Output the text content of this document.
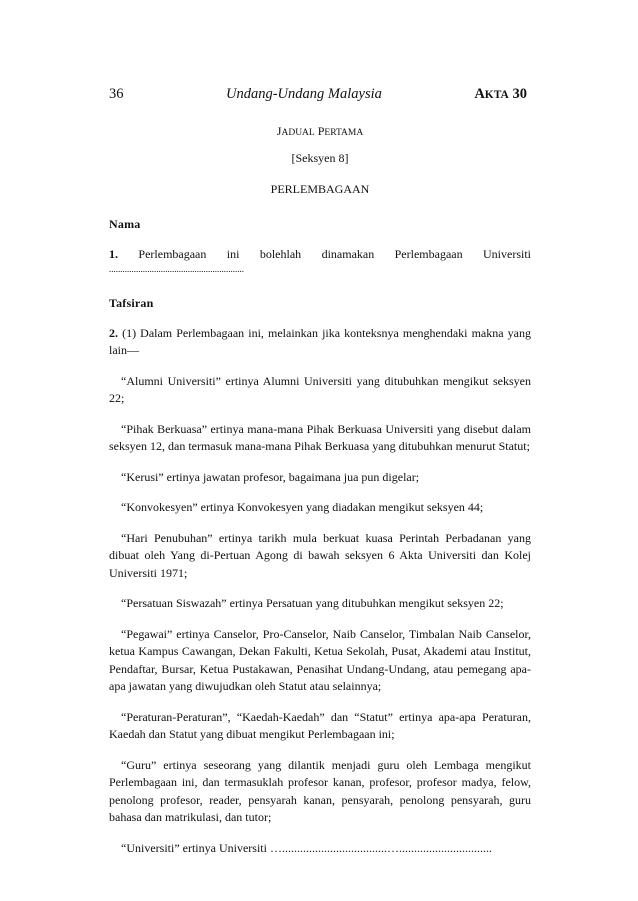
36	Undang-Undang Malaysia	AKTA 30
JADUAL PERTAMA
[Seksyen 8]
PERLEMBAGAAN
Nama
1. Perlembagaan ini bolehlah dinamakan Perlembagaan Universiti
............................................................
Tafsiran
2. (1) Dalam Perlembagaan ini, melainkan jika konteksnya menghendaki makna yang lain—
“Alumni Universiti” ertinya Alumni Universiti yang ditubuhkan mengikut seksyen 22;
“Pihak Berkuasa” ertinya mana-mana Pihak Berkuasa Universiti yang disebut dalam seksyen 12, dan termasuk mana-mana Pihak Berkuasa yang ditubuhkan menurut Statut;
“Kerusi” ertinya jawatan profesor, bagaimana jua pun digelar;
“Konvokesyen” ertinya Konvokesyen yang diadakan mengikut seksyen 44;
“Hari Penubuhan” ertinya tarikh mula berkuat kuasa Perintah Perbadanan yang dibuat oleh Yang di-Pertuan Agong di bawah seksyen 6 Akta Universiti dan Kolej Universiti 1971;
“Persatuan Siswazah” ertinya Persatuan yang ditubuhkan mengikut seksyen 22;
“Pegawai” ertinya Canselor, Pro-Canselor, Naib Canselor, Timbalan Naib Canselor, ketua Kampus Cawangan, Dekan Fakulti, Ketua Sekolah, Pusat, Akademi atau Institut, Pendaftar, Bursar, Ketua Pustakawan, Penasihat Undang-Undang, atau pemegang apa-apa jawatan yang diwujudkan oleh Statut atau selainnya;
“Peraturan-Peraturan”, “Kaedah-Kaedah” dan “Statut” ertinya apa-apa Peraturan, Kaedah dan Statut yang dibuat mengikut Perlembagaan ini;
“Guru” ertinya seseorang yang dilantik menjadi guru oleh Lembaga mengikut Perlembagaan ini, dan termasuklah profesor kanan, profesor, profesor madya, felow, penolong profesor, reader, pensyarah kanan, pensyarah, penolong pensyarah, guru bahasa dan matrikulasi, dan tutor;
“Universiti” ertinya Universiti …...................................…...............................
